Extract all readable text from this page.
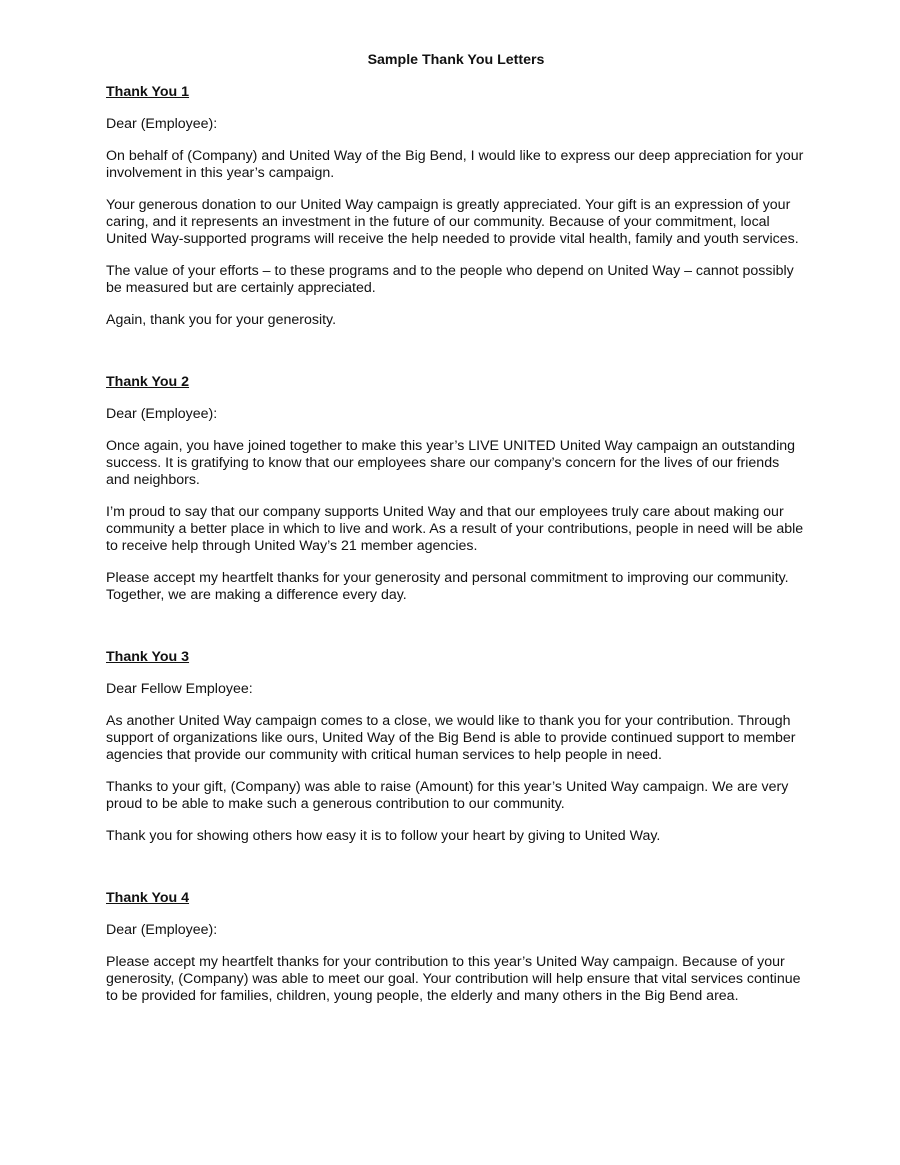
Sample Thank You Letters
Thank You 1

Dear (Employee):

On behalf of (Company) and United Way of the Big Bend, I would like to express our deep appreciation for your involvement in this year’s campaign.

Your generous donation to our United Way campaign is greatly appreciated. Your gift is an expression of your caring, and it represents an investment in the future of our community. Because of your commitment, local United Way-supported programs will receive the help needed to provide vital health, family and youth services.

The value of your efforts – to these programs and to the people who depend on United Way – cannot possibly be measured but are certainly appreciated.

Again, thank you for your generosity.

Thank You 2

Dear (Employee):

Once again, you have joined together to make this year’s LIVE UNITED United Way campaign an outstanding success. It is gratifying to know that our employees share our company’s concern for the lives of our friends and neighbors.

I’m proud to say that our company supports United Way and that our employees truly care about making our community a better place in which to live and work. As a result of your contributions, people in need will be able to receive help through United Way’s 21 member agencies.

Please accept my heartfelt thanks for your generosity and personal commitment to improving our community. Together, we are making a difference every day.

Thank You 3

Dear Fellow Employee:

As another United Way campaign comes to a close, we would like to thank you for your contribution. Through support of organizations like ours, United Way of the Big Bend is able to provide continued support to member agencies that provide our community with critical human services to help people in need.

Thanks to your gift, (Company) was able to raise (Amount) for this year’s United Way campaign. We are very proud to be able to make such a generous contribution to our community.

Thank you for showing others how easy it is to follow your heart by giving to United Way.

Thank You 4

Dear (Employee):

Please accept my heartfelt thanks for your contribution to this year’s United Way campaign. Because of your generosity, (Company) was able to meet our goal. Your contribution will help ensure that vital services continue to be provided for families, children, young people, the elderly and many others in the Big Bend area.
